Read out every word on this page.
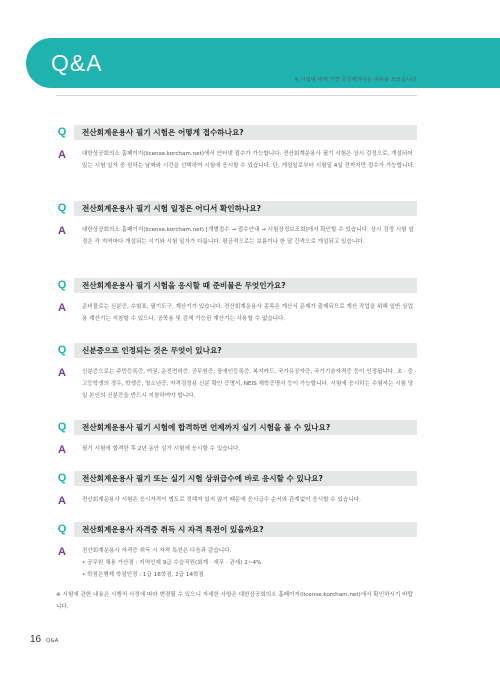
Q&A
※ 시험에 대해 가장 궁금해하시는 내용을 모았습니다.
Q	전산회계운용사 필기 시험은 어떻게 접수하나요?
A	대한상공회의소 홈페이지(license.korcham.net)에서 인터넷 접수가 가능합니다. 전산회계운용사 필기 시험은 상시 검정으로, 개설되어 있는 시험 일자 중 원하는 날짜와 시간을 선택하여 시험에 응시할 수 있습니다. 단, 개설일로부터 시험일 4일 전까지만 접수가 가능합니다.
Q	전산회계운용사 필기 시험 일정은 어디서 확인하나요?
A	대한상공회의소 홈페이지(license.korcham.net) [개별접수 → 접수안내 → 시험장정보조회]에서 확인할 수 있습니다. 상시 검정 시험 일정은 각 지역마다 개설되는 시기와 시험 일자가 다릅니다. 평균적으로는 보름이나 한 달 간격으로 개설되고 있습니다.
Q	전산회계운용사 필기 시험을 응시할 때 준비물은 무엇인가요?
A	준비물로는 신분증, 수험표, 필기도구, 계산기가 있습니다. 전산회계운용사 종목은 계산식 문제가 출제되므로 계산 작업을 위해 일반 상업용 계산기는 지참할 수 있으나, 공학용 및 검색 가능한 계산기는 사용할 수 없습니다.
Q	신분증으로 인정되는 것은 무엇이 있나요?
A	신분증으로는 주민등록증, 여권, 운전면허증, 공무원증, 장애인등록증, 복지카드, 국가유공자증, 국가기술자격증 등이 인정됩니다. 초 · 중 · 고등학생의 경우, 학생증, 청소년증, 자격검정용 신분 확인 증명서, NEIS 재학증명서 등이 가능합니다. 시험에 응시하는 수험자는 시험 당일 본인의 신분증을 반드시 지참하여야 합니다.
Q	전산회계운용사 필기 시험에 합격하면 언제까지 실기 시험을 볼 수 있나요?
A	필기 시험에 합격한 후 2년 동안 실기 시험에 응시할 수 있습니다.
Q	전산회계운용사 필기 또는 실기 시험 상위급수에 바로 응시할 수 있나요?
A	전산회계운용사 시험은 응시자격이 별도로 정해져 있지 않기 때문에 응시급수 순서와 관계없이 응시할 수 있습니다.
Q	전산회계운용사 자격증 취득 시 자격 특전이 있을까요?
A	전산회계운용사 자격증 취득 시 자격 특전은 다음과 같습니다.
• 공무원 채용 가산점 : 지역인재 9급 수습직원(회계 · 세무 · 관세) 2~4%
• 학점은행제 학점인정 : 1급 16학점, 2급 14학점
※ 시험에 관한 내용은 시행처 사정에 따라 변경될 수 있으니 자세한 사항은 대한상공회의소 홈페이지(license.korcham.net)에서 확인하시기 바랍니다.
16 Q&A
